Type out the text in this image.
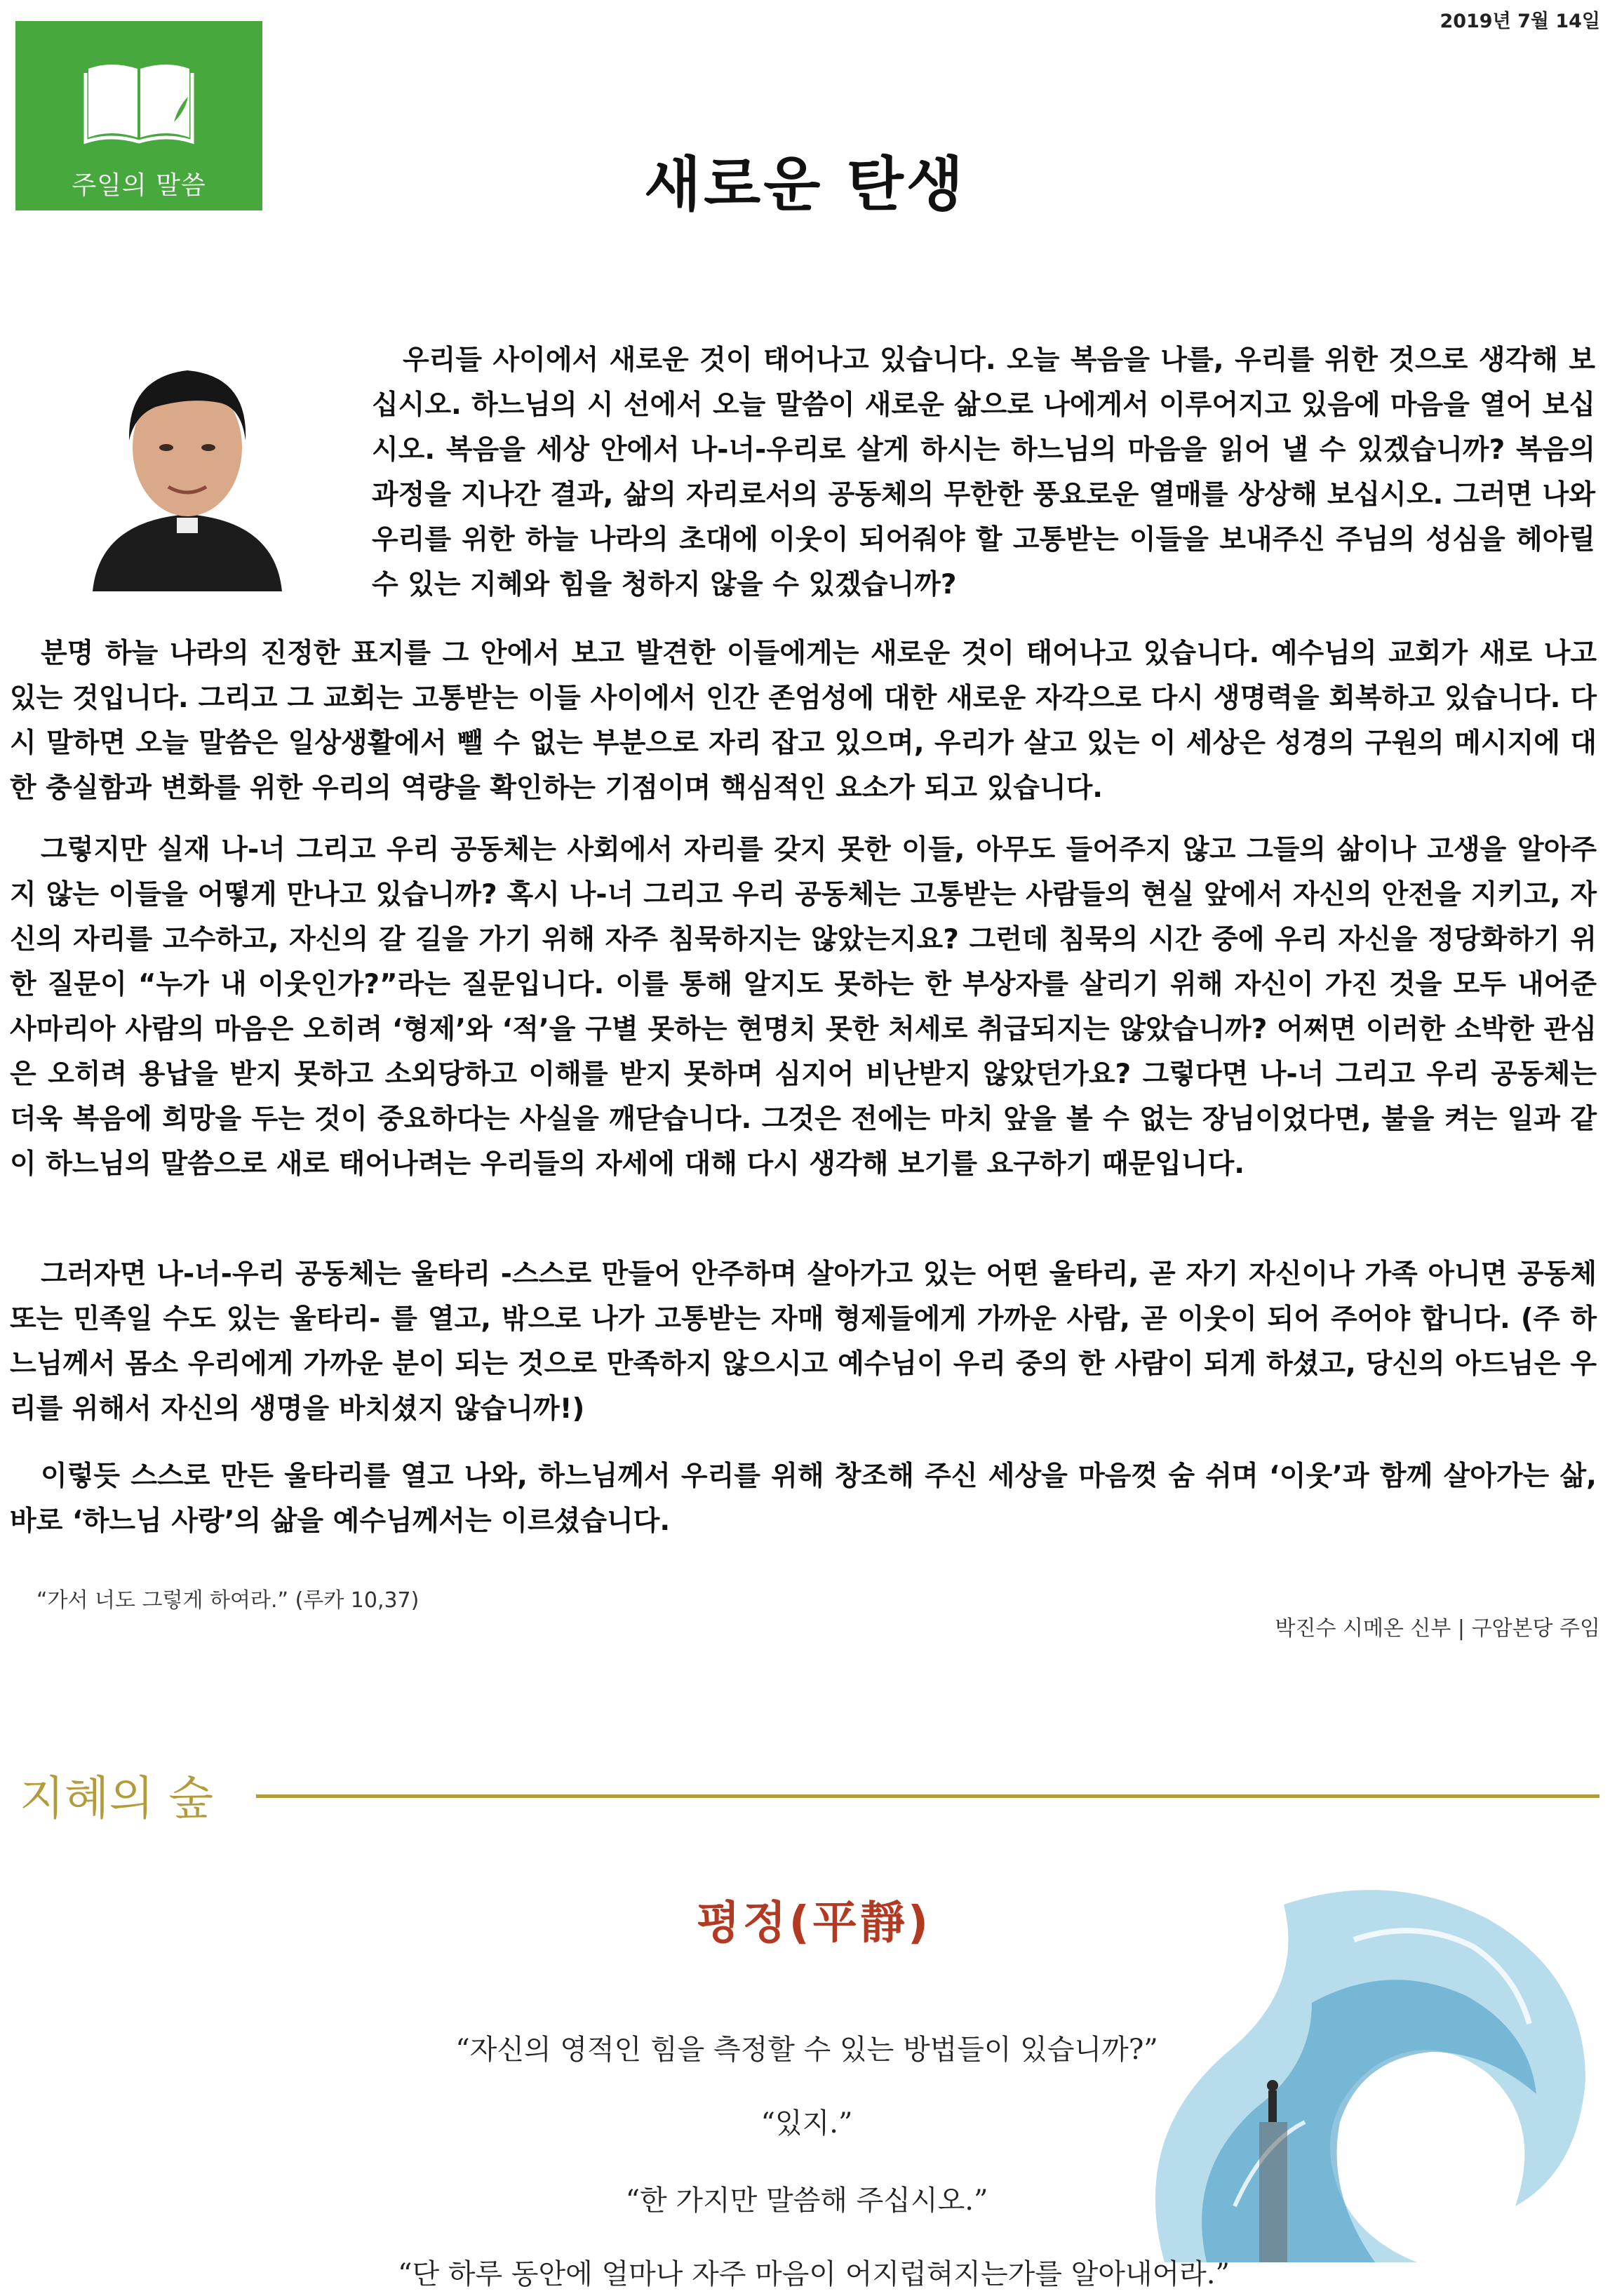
주일의 말씀
2019년 7월 14일
새로운 탄생

우리들 사이에서 새로운 것이 태어나고 있습니다. 오늘 복음을 나를, 우리를 위한 것으로 생각해 보십시오. 하느님의 시 선에서 오늘 말씀이 새로운 삶으로 나에게서 이루어지고 있음에 마음을 열어 보십시오. 복음을 세상 안에서 나-너-우리로 살게 하시는 하느님의 마음을 읽어 낼 수 있겠습니까? 복음의 과정을 지나간 결과, 삶의 자리로서의 공동체의 무한한 풍요로운 열매를 상상해 보십시오. 그러면 나와 우리를 위한 하늘 나라의 초대에 이웃이 되어줘야 할 고통받는 이들을 보내주신 주님의 성심을 헤아릴 수 있는 지혜와 힘을 청하지 않을 수 있겠습니까?

분명 하늘 나라의 진정한 표지를 그 안에서 보고 발견한 이들에게는 새로운 것이 태어나고 있습니다. 예수님의 교회가 새로 나고 있는 것입니다. 그리고 그 교회는 고통받는 이들 사이에서 인간 존엄성에 대한 새로운 자각으로 다시 생명력을 회복하고 있습니다. 다시 말하면 오늘 말씀은 일상생활에서 뺄 수 없는 부분으로 자리 잡고 있으며, 우리가 살고 있는 이 세상은 성경의 구원의 메시지에 대한 충실함과 변화를 위한 우리의 역량을 확인하는 기점이며 핵심적인 요소가 되고 있습니다.

그렇지만 실재 나-너 그리고 우리 공동체는 사회에서 자리를 갖지 못한 이들, 아무도 들어주지 않고 그들의 삶이나 고생을 알아주지 않는 이들을 어떻게 만나고 있습니까? 혹시 나-너 그리고 우리 공동체는 고통받는 사람들의 현실 앞에서 자신의 안전을 지키고, 자신의 자리를 고수하고, 자신의 갈 길을 가기 위해 자주 침묵하지는 않았는지요? 그런데 침묵의 시간 중에 우리 자신을 정당화하기 위한 질문이 “누가 내 이웃인가?”라는 질문입니다. 이를 통해 알지도 못하는 한 부상자를 살리기 위해 자신이 가진 것을 모두 내어준 사마리아 사람의 마음은 오히려 ‘형제’와 ‘적’을 구별 못하는 현명치 못한 처세로 취급되지는 않았습니까? 어쩌면 이러한 소박한 관심은 오히려 용납을 받지 못하고 소외당하고 이해를 받지 못하며 심지어 비난받지 않았던가요? 그렇다면 나-너 그리고 우리 공동체는 더욱 복음에 희망을 두는 것이 중요하다는 사실을 깨닫습니다. 그것은 전에는 마치 앞을 볼 수 없는 장님이었다면, 불을 켜는 일과 같이 하느님의 말씀으로 새로 태어나려는 우리들의 자세에 대해 다시 생각해 보기를 요구하기 때문입니다.

그러자면 나-너-우리 공동체는 울타리 -스스로 만들어 안주하며 살아가고 있는 어떤 울타리, 곧 자기 자신이나 가족 아니면 공동체 또는 민족일 수도 있는 울타리- 를 열고, 밖으로 나가 고통받는 자매 형제들에게 가까운 사람, 곧 이웃이 되어 주어야 합니다. (주 하느님께서 몸소 우리에게 가까운 분이 되는 것으로 만족하지 않으시고 예수님이 우리 중의 한 사람이 되게 하셨고, 당신의 아드님은 우리를 위해서 자신의 생명을 바치셨지 않습니까!)

이렇듯 스스로 만든 울타리를 열고 나와, 하느님께서 우리를 위해 창조해 주신 세상을 마음껏 숨 쉬며 ‘이웃’과 함께 살아가는 삶, 바로 ‘하느님 사랑’의 삶을 예수님께서는 이르셨습니다.

“가서 너도 그렇게 하여라.” (루카 10,37)
박진수 시메온 신부 | 구암본당 주임
지혜의 숲
평정(平靜)
“자신의 영적인 힘을 측정할 수 있는 방법들이 있습니까?”
“있지.”
“한 가지만 말씀해 주십시오.”
“단 하루 동안에 얼마나 자주 마음이 어지럽혀지는가를 알아내어라.”
